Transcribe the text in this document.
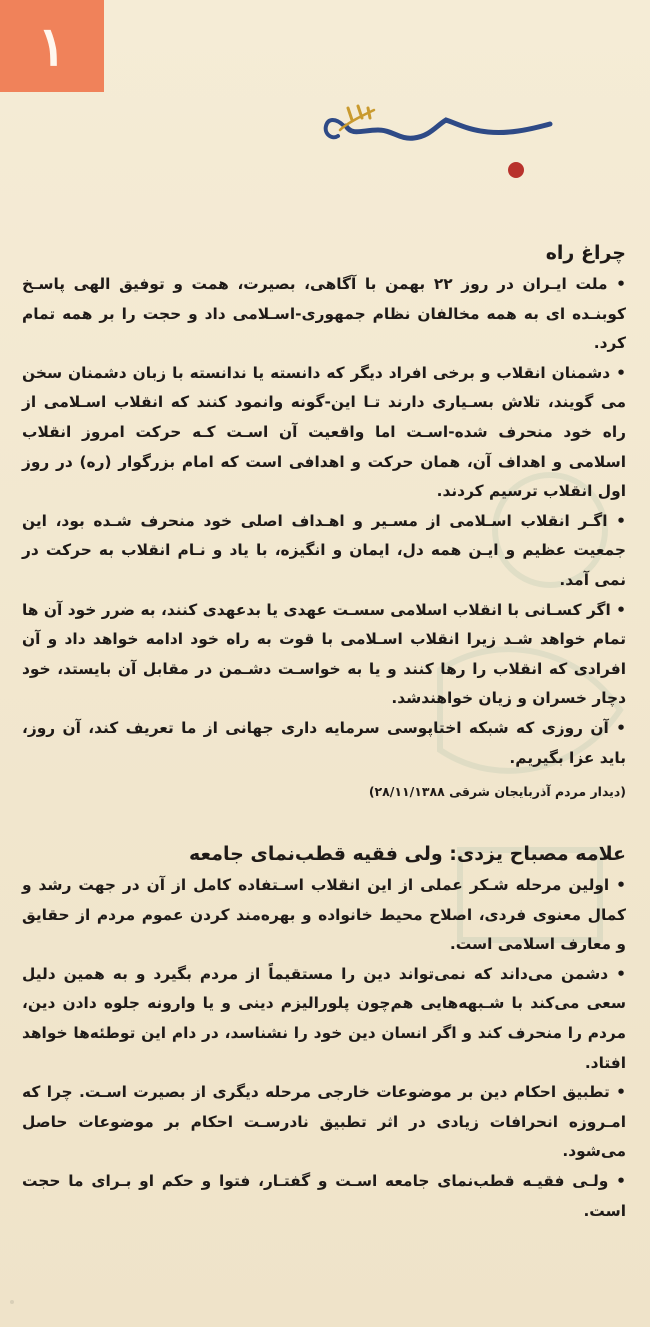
۱
چراغ راه

• ملت ایـران در روز ۲۲ بهمن با آگاهی، بصیرت، همت و توفیق الهی پاسـخ کوبنـده ای به همه مخالفان نظام جمهوری-اسـلامی داد و حجت را بر همه تمام کرد.

• دشمنان انقلاب و برخی افراد دیگر که دانسته یا ندانسته با زبان دشمنان سخن می گویند، تلاش بسـیاری دارند تـا این-گونه وانمود کنند که انقلاب اسـلامی از راه خود منحرف شده-اسـت اما واقعیت آن اسـت کـه حرکت امروز انقلاب اسلامی و اهداف آن، همان حرکت و اهدافی است که امام بزرگوار (ره) در روز اول انقلاب ترسیم کردند.

• اگـر انقلاب اسـلامی از مسـیر و اهـداف اصلی خود منحرف شـده بود، این جمعیت عظیم و ایـن همه دل، ایمان و انگیزه، با یاد و نـام انقلاب به حرکت در نمی آمد.

• اگر کسـانی با انقلاب اسلامی سسـت عهدی یا بدعهدی کنند، به ضرر خود آن ها تمام خواهد شـد زیرا انقلاب اسـلامی با قوت به راه خود ادامه خواهد داد و آن افرادی که انقلاب را رها کنند و یا به خواسـت دشـمن در مقابل آن بایستد، خود دچار خسران و زیان خواهندشد.

• آن روزی که شبکه اختاپوسی سرمایه داری جهانی از ما تعریف کند، آن روز، باید عزا بگیریم.

(دیدار مردم آذربایجان شرقی ۲۸/۱۱/۱۳۸۸)

علامه مصباح یزدی: ولی فقیه قطب‌نمای جامعه

• اولین مرحله شـکر عملی از این انقلاب اسـتفاده کامل از آن در جهت رشد و کمال معنوی فردی، اصلاح محیط خانواده و بهره‌مند کردن عموم مردم از حقایق و معارف اسلامی است.

• دشمن می‌داند که نمی‌تواند دین را مستقیماً از مردم بگیرد و به همین دلیل سعی می‌کند با شـبهه‌هایی هم‌چون پلورالیزم دینی و یا وارونه جلوه دادن دین، مردم را منحرف کند و اگر انسان دین خود را نشناسد، در دام این توطئه‌ها خواهد افتاد.

• تطبیق احکام دین بر موضوعات خارجی مرحله دیگری از بصیرت اسـت. چرا که امـروزه انحرافات زیادی در اثر تطبیق نادرسـت احکام بر موضوعات حاصل می‌شود.

• ولـی فقیـه قطب‌نمای جامعه اسـت و گفتـار، فتوا و حکم او بـرای ما حجت است.
